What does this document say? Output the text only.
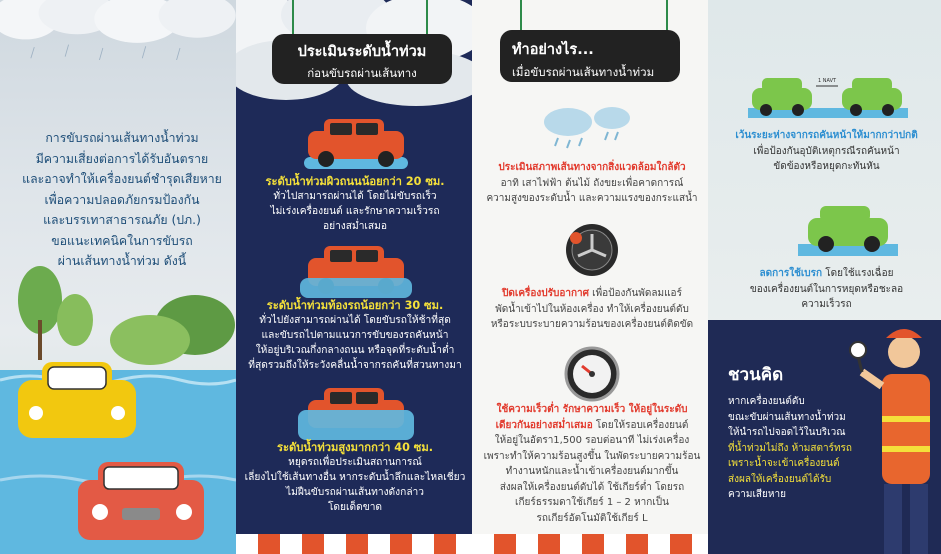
การขับรถผ่านเส้นทางน้ำท่วม
มีความเสี่ยงต่อการได้รับอันตราย
และอาจทำให้เครื่องยนต์ชำรุดเสียหาย
เพื่อความปลอดภัยกรมป้องกัน
และบรรเทาสาธารณภัย (ปภ.)
ขอแนะเทคนิคในการขับรถ
ผ่านเส้นทางน้ำท่วม ดังนี้
ประเมินระดับน้ำท่วม
ก่อนขับรถผ่านเส้นทาง
ระดับน้ำท่วมผิวถนนน้อยกว่า 20 ซม.
ทั่วไปสามารถผ่านได้ โดยไม่ขับรถเร็ว
ไม่เร่งเครื่องยนต์ และรักษาความเร็วรถ
อย่างสม่ำเสมอ
ระดับน้ำท่วมท้องรถน้อยกว่า 30 ซม.
ทั่วไปยังสามารถผ่านได้ โดยขับรถให้ช้าที่สุด
และขับรถไปตามแนวการขับของรถคันหน้า
ให้อยู่บริเวณกึ่งกลางถนน หรือจุดที่ระดับน้ำต่ำ
ที่สุดรวมถึงให้ระวังคลื่นน้ำจากรถคันที่สวนทางมา
ระดับน้ำท่วมสูงมากกว่า 40 ซม.
หยุดรถเพื่อประเมินสถานการณ์
เลี่ยงไปใช้เส้นทางอื่น หากระดับน้ำลึกและไหลเชี่ยว
ไม่ฝืนขับรถผ่านเส้นทางดังกล่าว
โดยเด็ดขาด
ทำอย่างไร...
เมื่อขับรถผ่านเส้นทางน้ำท่วม
ประเมินสภาพเส้นทางจากสิ่งแวดล้อมใกล้ตัว
อาทิ เสาไฟฟ้า ต้นไม้ ถังขยะเพื่อคาดการณ์
ความสูงของระดับน้ำ และความแรงของกระแสน้ำ
ปิดเครื่องปรับอากาศ เพื่อป้องกันพัดลมแอร์
พัดน้ำเข้าไปในห้องเครื่อง ทำให้เครื่องยนต์ดับ
หรือระบบระบายความร้อนของเครื่องยนต์ติดขัด
ใช้ความเร็วต่ำ รักษาความเร็ว ให้อยู่ในระดับ
เดียวกันอย่างสม่ำเสมอ โดยให้รอบเครื่องยนต์
ให้อยู่ในอัตรา1,500 รอบต่อนาที ไม่เร่งเครื่อง
เพราะทำให้ความร้อนสูงขึ้น ในพัดระบายความร้อน
ทำงานหนักและน้ำเข้าเครื่องยนต์มากขึ้น
ส่งผลให้เครื่องยนต์ดับได้ ใช้เกียร์ต่ำ โดยรถ
เกียร์ธรรมดาใช้เกียร์ 1 – 2 หากเป็น
รถเกียร์อัตโนมัติใช้เกียร์ L
1 NAVT
เว้นระยะห่างจากรถคันหน้าให้มากกว่าปกติ
เพื่อป้องกันอุบัติเหตุกรณีรถคันหน้า
ขัดข้องหรือหยุดกะทันหัน
ลดการใช้เบรก โดยใช้แรงเฉื่อย
ของเครื่องยนต์ในการหยุดหรือชะลอ
ความเร็วรถ
ชวนคิด
หากเครื่องยนต์ดับ
ขณะขับผ่านเส้นทางน้ำท่วม
ให้นำรถไปจอดไว้ในบริเวณ
ที่น้ำท่วมไม่ถึง ห้ามสตาร์ทรถ
เพราะน้ำจะเข้าเครื่องยนต์
ส่งผลให้เครื่องยนต์ได้รับ
ความเสียหาย
